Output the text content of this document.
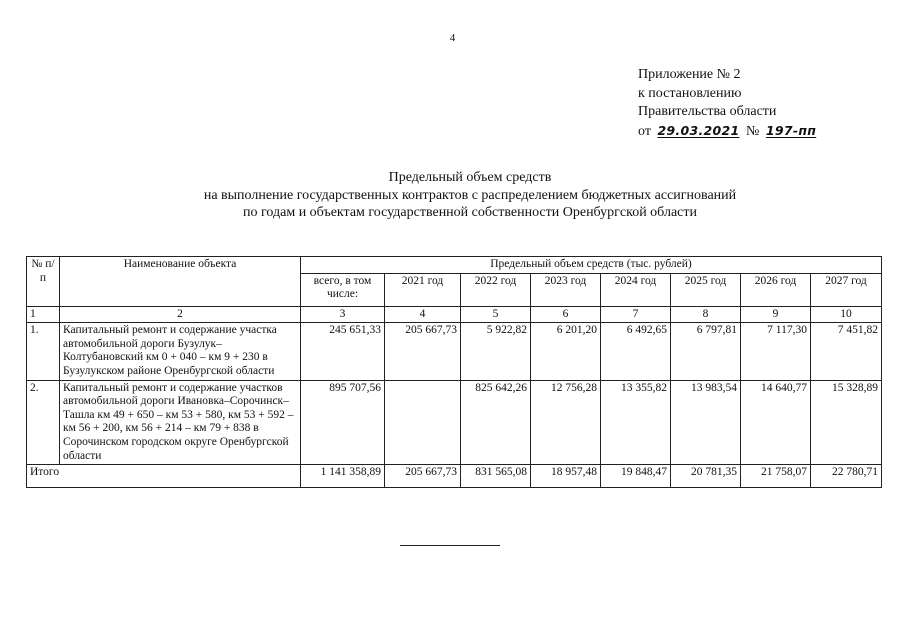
4
Приложение № 2
к постановлению
Правительства области
от 29.03.2021 № 197-пп
Предельный объем средств
на выполнение государственных контрактов с распределением бюджетных ассигнований
по годам и объектам государственной собственности Оренбургской области
№ п/п	Наименование объекта	Предельный объем средств (тыс. рублей)							
		всего, в том числе:	2021 год	2022 год	2023 год	2024 год	2025 год	2026 год	2027 год
1	2	3	4	5	6	7	8	9	10
1.	Капитальный ремонт и содержание участка автомобильной дороги Бузулук–Колтубановский км 0 + 040 – км 9 + 230 в Бузулукском районе Оренбургской области	245 651,33	205 667,73	5 922,82	6 201,20	6 492,65	6 797,81	7 117,30	7 451,82
2.	Капитальный ремонт и содержание участков автомобильной дороги Ивановка–Сорочинск–Ташла км 49 + 650 – км 53 + 580, км 53 + 592 – км 56 + 200, км 56 + 214 – км 79 + 838 в Сорочинском городском округе Оренбургской области	895 707,56		825 642,26	12 756,28	13 355,82	13 983,54	14 640,77	15 328,89
Итого		1 141 358,89	205 667,73	831 565,08	18 957,48	19 848,47	20 781,35	21 758,07	22 780,71
